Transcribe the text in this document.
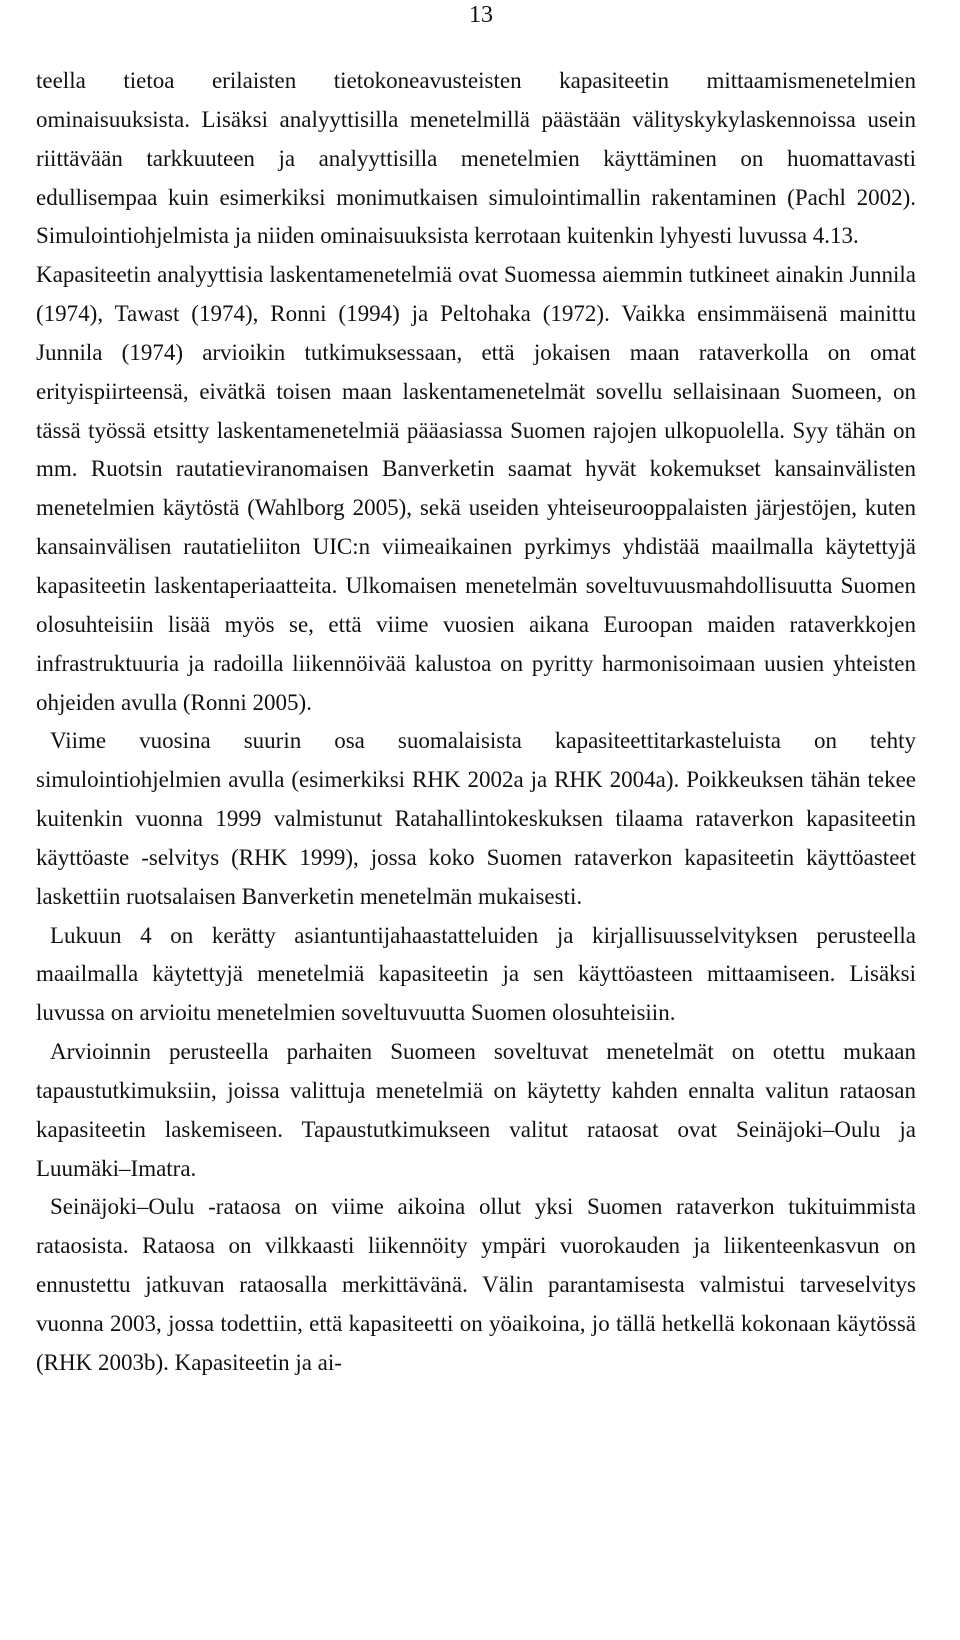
13

teella tietoa erilaisten tietokoneavusteisten kapasiteetin mittaamismenetelmien ominaisuuksista. Lisäksi analyyttisilla menetelmillä päästään välityskykylaskennoissa usein riittävään tarkkuuteen ja analyyttisilla menetelmien käyttäminen on huomattavasti edullisempaa kuin esimerkiksi monimutkaisen simulointimallin rakentaminen (Pachl 2002). Simulointiohjelmista ja niiden ominaisuuksista kerrotaan kuitenkin lyhyesti luvussa 4.13.

Kapasiteetin analyyttisia laskentamenetelmiä ovat Suomessa aiemmin tutkineet ainakin Junnila (1974), Tawast (1974), Ronni (1994) ja Peltohaka (1972). Vaikka ensimmäisenä mainittu Junnila (1974) arvioikin tutkimuksessaan, että jokaisen maan rataverkolla on omat erityispiirteensä, eivätkä toisen maan laskentamenetelmät sovellu sellaisinaan Suomeen, on tässä työssä etsitty laskentamenetelmiä pääasiassa Suomen rajojen ulkopuolella. Syy tähän on mm. Ruotsin rautatieviranomaisen Banverketin saamat hyvät kokemukset kansainvälisten menetelmien käytöstä (Wahlborg 2005), sekä useiden yhteiseurooppalaisten järjestöjen, kuten kansainvälisen rautatieliiton UIC:n viimeaikainen pyrkimys yhdistää maailmalla käytettyjä kapasiteetin laskentaperiaatteita. Ulkomaisen menetelmän soveltuvuusmahdollisuutta Suomen olosuhteisiin lisää myös se, että viime vuosien aikana Euroopan maiden rataverkkojen infrastruktuuria ja radoilla liikennöivää kalustoa on pyritty harmonisoimaan uusien yhteisten ohjeiden avulla (Ronni 2005).

Viime vuosina suurin osa suomalaisista kapasiteettitarkasteluista on tehty simulointiohjelmien avulla (esimerkiksi RHK 2002a ja RHK 2004a). Poikkeuksen tähän tekee kuitenkin vuonna 1999 valmistunut Ratahallintokeskuksen tilaama rataverkon kapasiteetin käyttöaste -selvitys (RHK 1999), jossa koko Suomen rataverkon kapasiteetin käyttöasteet laskettiin ruotsalaisen Banverketin menetelmän mukaisesti.

Lukuun 4 on kerätty asiantuntijahaastatteluiden ja kirjallisuusselvityksen perusteella maailmalla käytettyjä menetelmiä kapasiteetin ja sen käyttöasteen mittaamiseen. Lisäksi luvussa on arvioitu menetelmien soveltuvuutta Suomen olosuhteisiin.

Arvioinnin perusteella parhaiten Suomeen soveltuvat menetelmät on otettu mukaan tapaustutkimuksiin, joissa valittuja menetelmiä on käytetty kahden ennalta valitun rataosan kapasiteetin laskemiseen. Tapaustutkimukseen valitut rataosat ovat Seinäjoki–Oulu ja Luumäki–Imatra.

Seinäjoki–Oulu -rataosa on viime aikoina ollut yksi Suomen rataverkon tukituimmista rataosista. Rataosa on vilkkaasti liikennöity ympäri vuorokauden ja liikenteenkasvun on ennustettu jatkuvan rataosalla merkittävänä. Välin parantamisesta valmistui tarveselvitys vuonna 2003, jossa todettiin, että kapasiteetti on yöaikoina, jo tällä hetkellä kokonaan käytössä (RHK 2003b). Kapasiteetin ja ai-
